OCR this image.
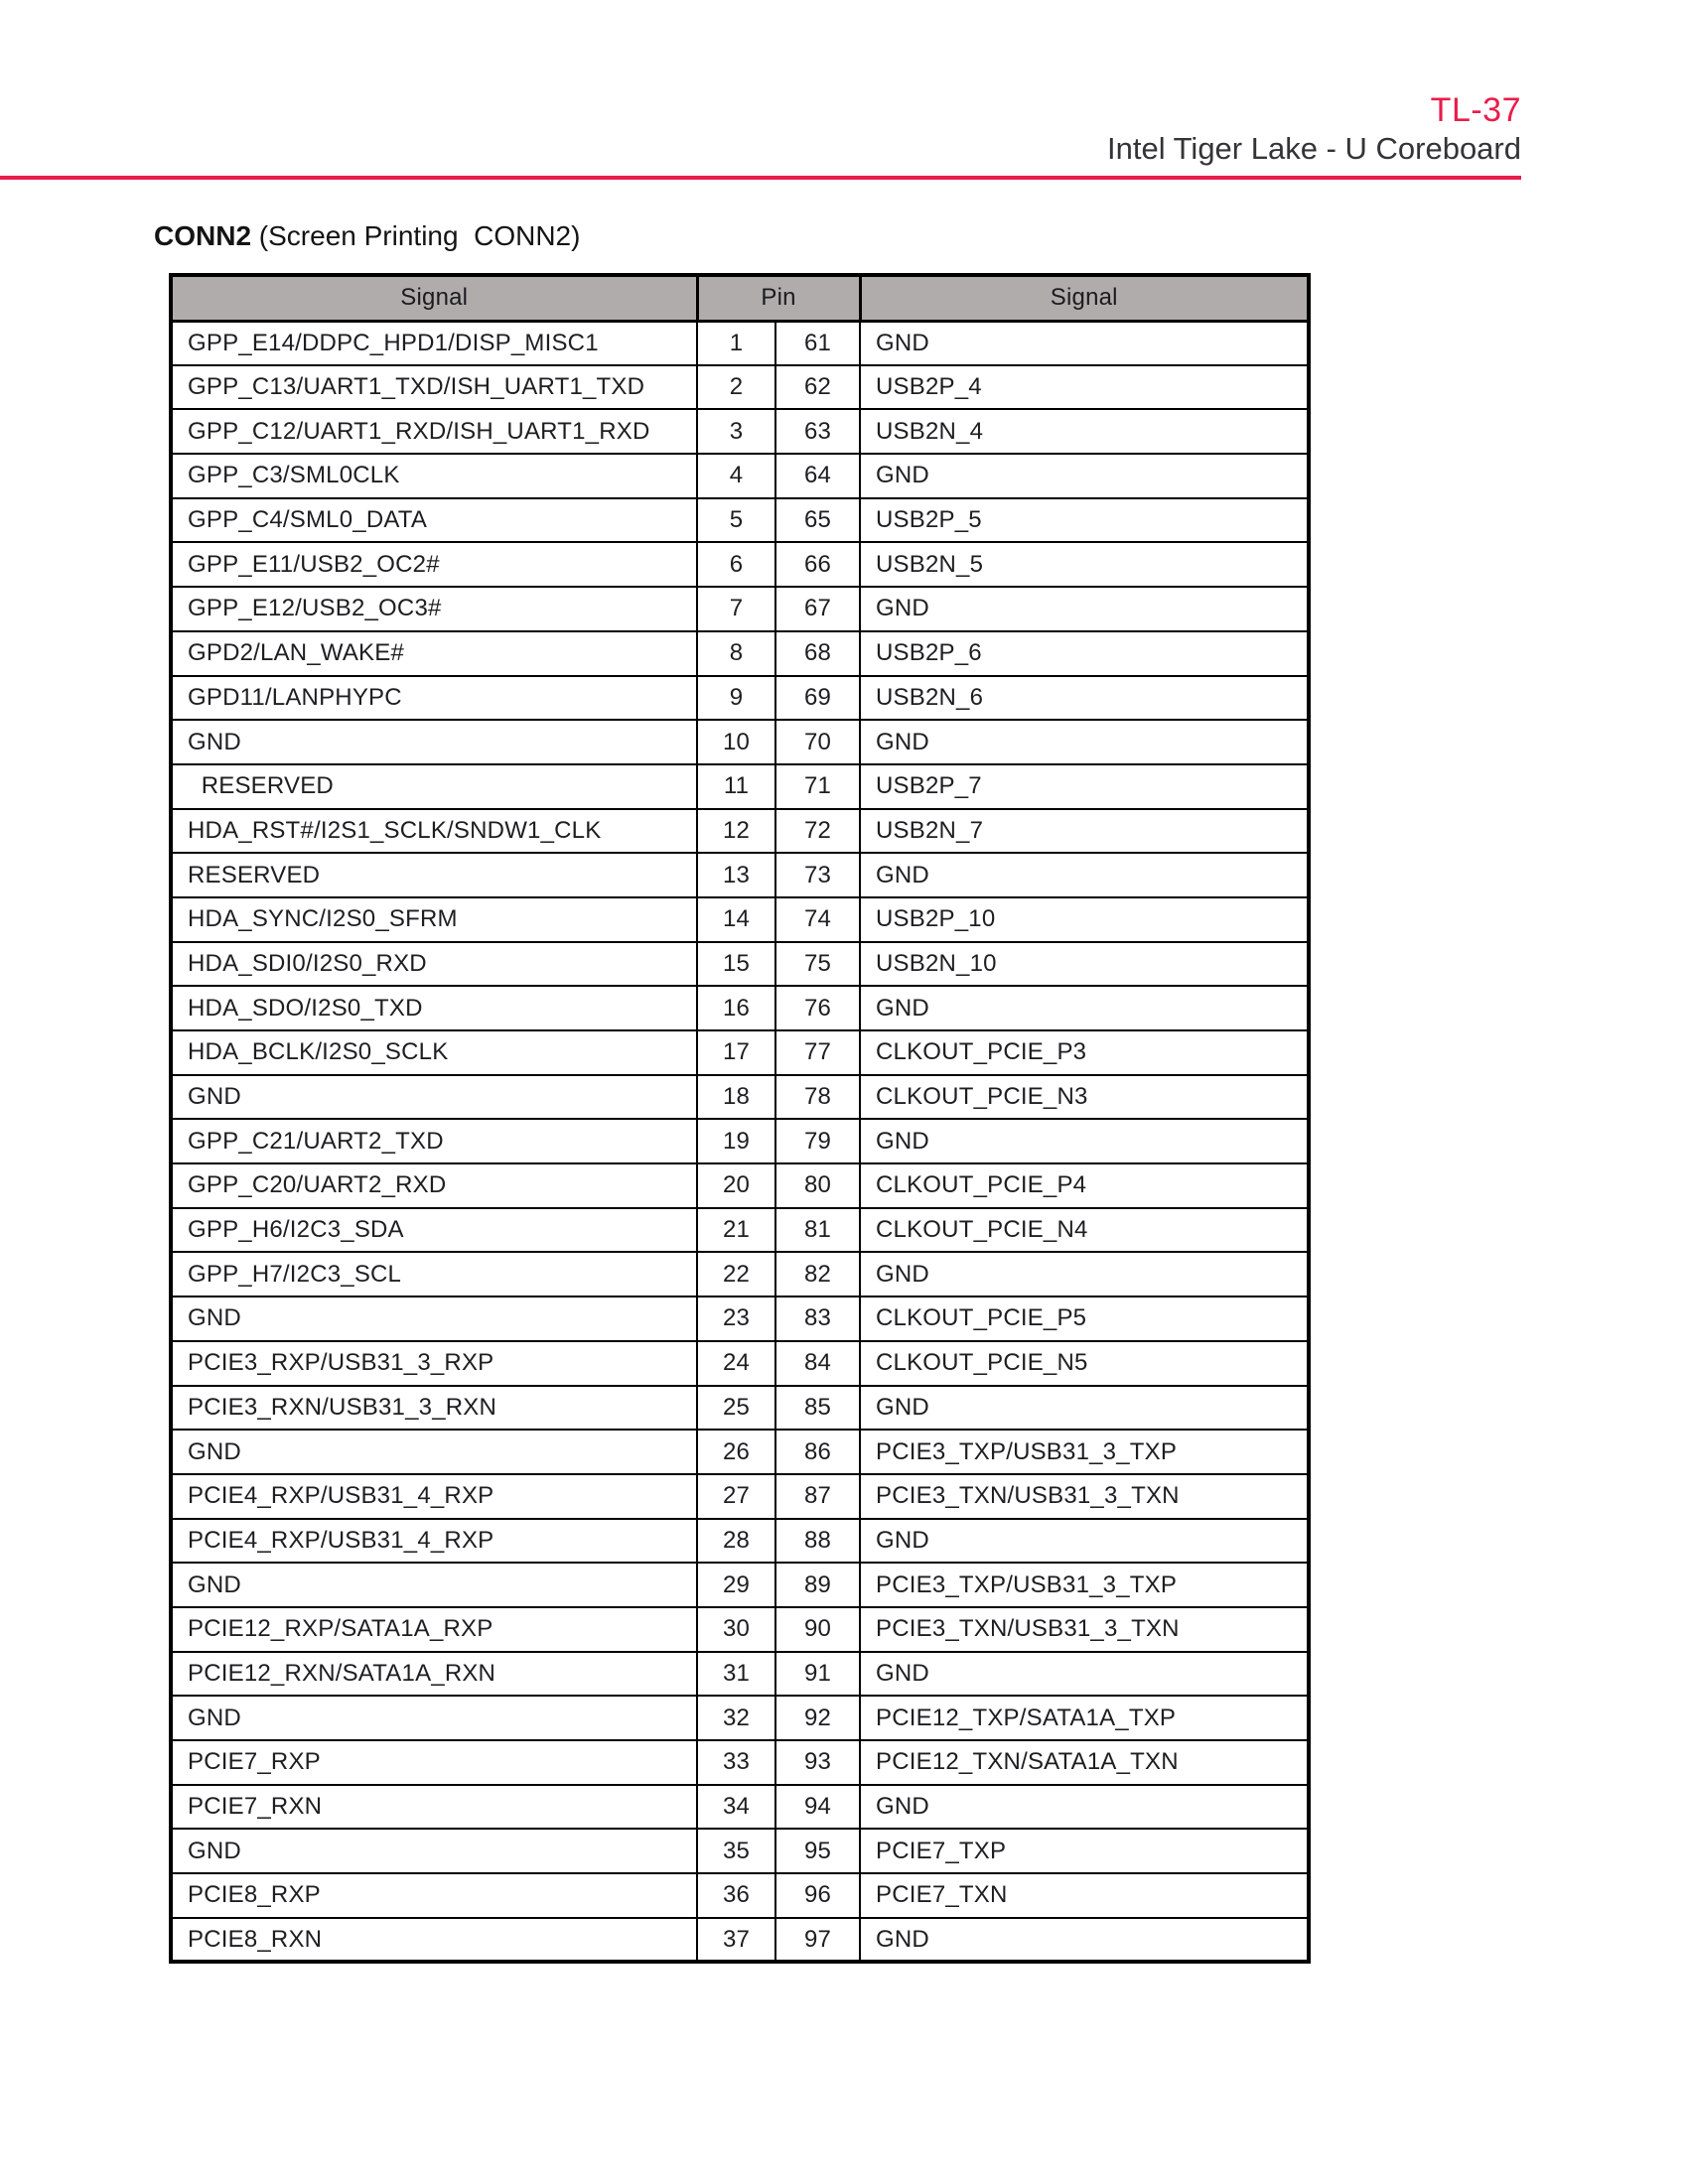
TL-37
Intel Tiger Lake - U Coreboard
CONN2 (Screen Printing  CONN2)
Signal	Pin		Signal
GPP_E14/DDPC_HPD1/DISP_MISC1	1	61	GND
GPP_C13/UART1_TXD/ISH_UART1_TXD	2	62	USB2P_4
GPP_C12/UART1_RXD/ISH_UART1_RXD	3	63	USB2N_4
GPP_C3/SML0CLK	4	64	GND
GPP_C4/SML0_DATA	5	65	USB2P_5
GPP_E11/USB2_OC2#	6	66	USB2N_5
GPP_E12/USB2_OC3#	7	67	GND
GPD2/LAN_WAKE#	8	68	USB2P_6
GPD11/LANPHYPC	9	69	USB2N_6
GND	10	70	GND
RESERVED	11	71	USB2P_7
HDA_RST#/I2S1_SCLK/SNDW1_CLK	12	72	USB2N_7
RESERVED	13	73	GND
HDA_SYNC/I2S0_SFRM	14	74	USB2P_10
HDA_SDI0/I2S0_RXD	15	75	USB2N_10
HDA_SDO/I2S0_TXD	16	76	GND
HDA_BCLK/I2S0_SCLK	17	77	CLKOUT_PCIE_P3
GND	18	78	CLKOUT_PCIE_N3
GPP_C21/UART2_TXD	19	79	GND
GPP_C20/UART2_RXD	20	80	CLKOUT_PCIE_P4
GPP_H6/I2C3_SDA	21	81	CLKOUT_PCIE_N4
GPP_H7/I2C3_SCL	22	82	GND
GND	23	83	CLKOUT_PCIE_P5
PCIE3_RXP/USB31_3_RXP	24	84	CLKOUT_PCIE_N5
PCIE3_RXN/USB31_3_RXN	25	85	GND
GND	26	86	PCIE3_TXP/USB31_3_TXP
PCIE4_RXP/USB31_4_RXP	27	87	PCIE3_TXN/USB31_3_TXN
PCIE4_RXP/USB31_4_RXP	28	88	GND
GND	29	89	PCIE3_TXP/USB31_3_TXP
PCIE12_RXP/SATA1A_RXP	30	90	PCIE3_TXN/USB31_3_TXN
PCIE12_RXN/SATA1A_RXN	31	91	GND
GND	32	92	PCIE12_TXP/SATA1A_TXP
PCIE7_RXP	33	93	PCIE12_TXN/SATA1A_TXN
PCIE7_RXN	34	94	GND
GND	35	95	PCIE7_TXP
PCIE8_RXP	36	96	PCIE7_TXN
PCIE8_RXN	37	97	GND
